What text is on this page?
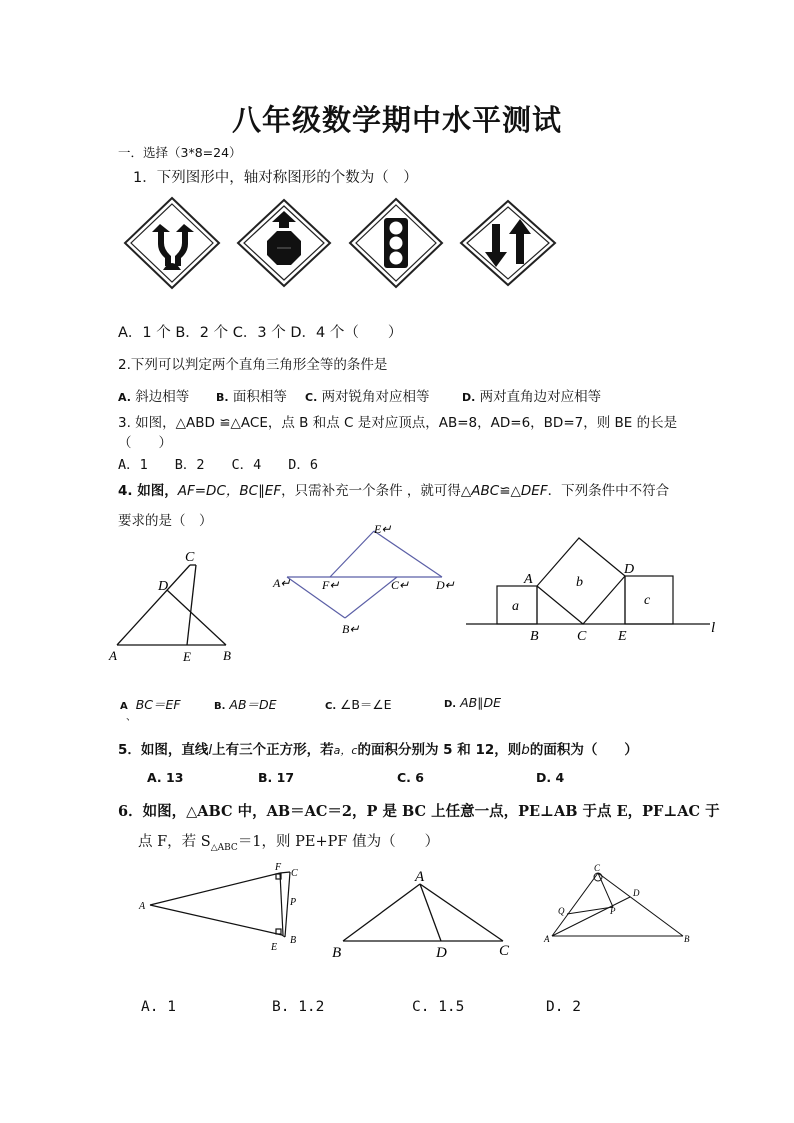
八年级数学期中水平测试
一．选择（3*8=24）
1．下列图形中，轴对称图形的个数为（　）
A．1 个 B．2 个 C．3 个 D．4 个（　　）
2.下列可以判定两个直角三角形全等的条件是
A. 斜边相等 B. 面积相等 C. 两对锐角对应相等	D. 两对直角边对应相等
3. 如图，△ABD ≌△ACE，点 B 和点 C 是对应顶点，AB=8，AD=6，BD=7，则 BE 的长是
（　　）
A．1　　B．2　　C．4　　D．6
4. 如图，AF=DC，BC∥EF，只需补充一个条件 ，就可得△ABC≌△DEF．下列条件中不符合
要求的是（　）
C
D
A	E B
E↵
A↵	F↵	C↵ D↵
B↵
A
D
a
b
c
l
B	C E
A BC＝EF	B. AB＝DE	C. ∠B＝∠E	D. AB∥DE
、
5．如图，直线l上有三个正方形，若a，c的面积分别为 5 和 12，则b的面积为（　　）
A. 13	B. 17	C. 6	D. 4
6．如图，△ABC 中，AB＝AC＝2，P 是 BC 上任意一点，PE⊥AB 于点 E，PF⊥AC 于
点 F，若 $S_{\triangle ABC}=1$，则 PE+PF 值为（　　）
F
C
A	P
E
B
A
B	D	C
C
D
Q	P
A	B
A. 1	B. 1.2	C. 1.5	D. 2
